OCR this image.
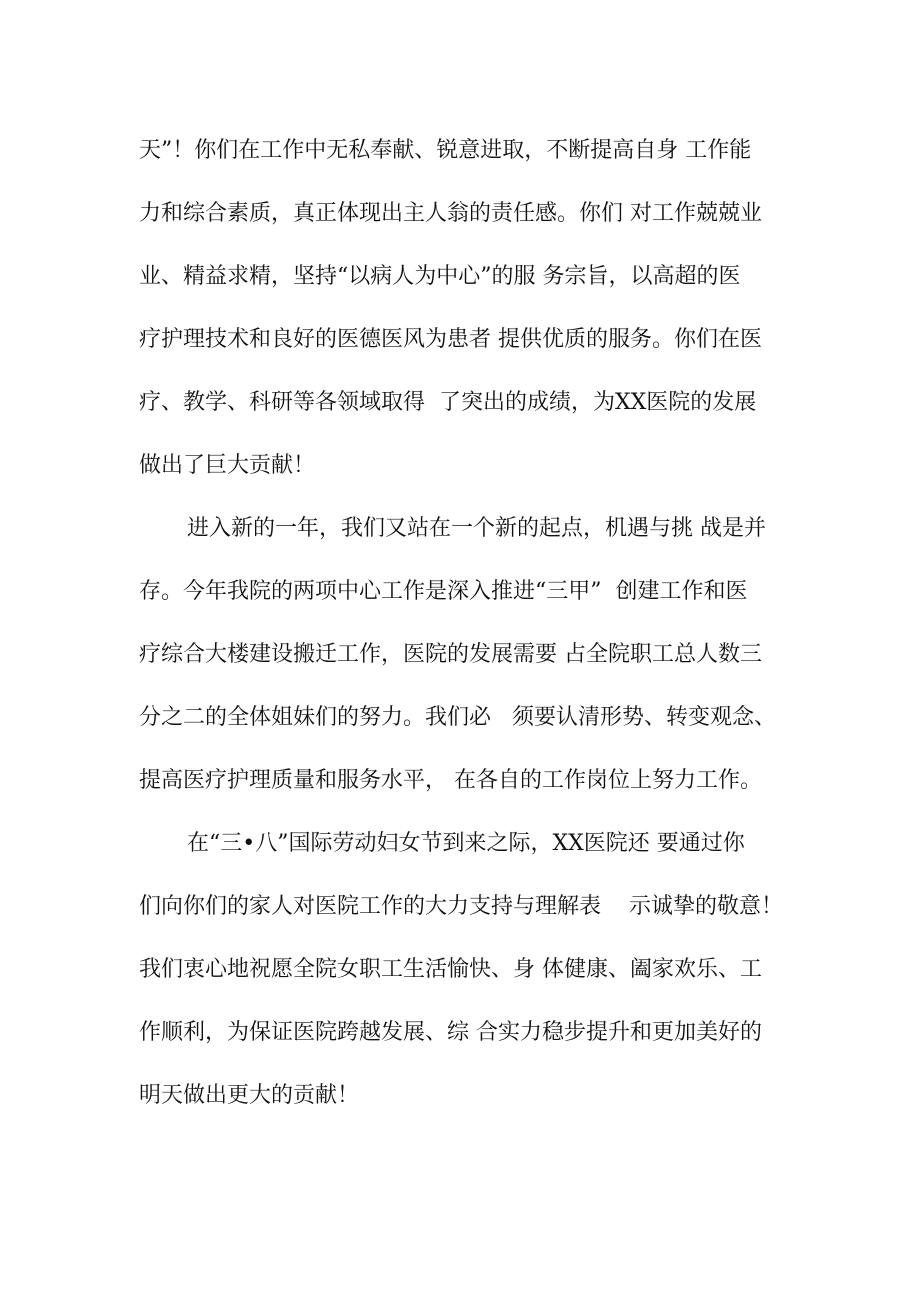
天”！你们在工作中无私奉献、锐意进取，不断提高自身 工作能
力和综合素质，真正体现出主人翁的责任感。你们 对工作兢兢业
业、精益求精，坚持“以病人为中心”的服 务宗旨，以高超的医
疗护理技术和良好的医德医风为患者 提供优质的服务。你们在医
疗、教学、科研等各领域取得  了突出的成绩，为XX医院的发展
做出了巨大贡献！
进入新的一年，我们又站在一个新的起点，机遇与挑 战是并
存。今年我院的两项中心工作是深入推进“三甲”  创建工作和医
疗综合大楼建设搬迁工作，医院的发展需要 占全院职工总人数三
分之二的全体姐妹们的努力。我们必   须要认清形势、转变观念、
提高医疗护理质量和服务水平， 在各自的工作岗位上努力工作。
在“三•八”国际劳动妇女节到来之际，XX医院还 要通过你
们向你们的家人对医院工作的大力支持与理解表    示诚挚的敬意！
我们衷心地祝愿全院女职工生活愉快、身 体健康、阖家欢乐、工
作顺利，为保证医院跨越发展、综 合实力稳步提升和更加美好的
明天做出更大的贡献！
